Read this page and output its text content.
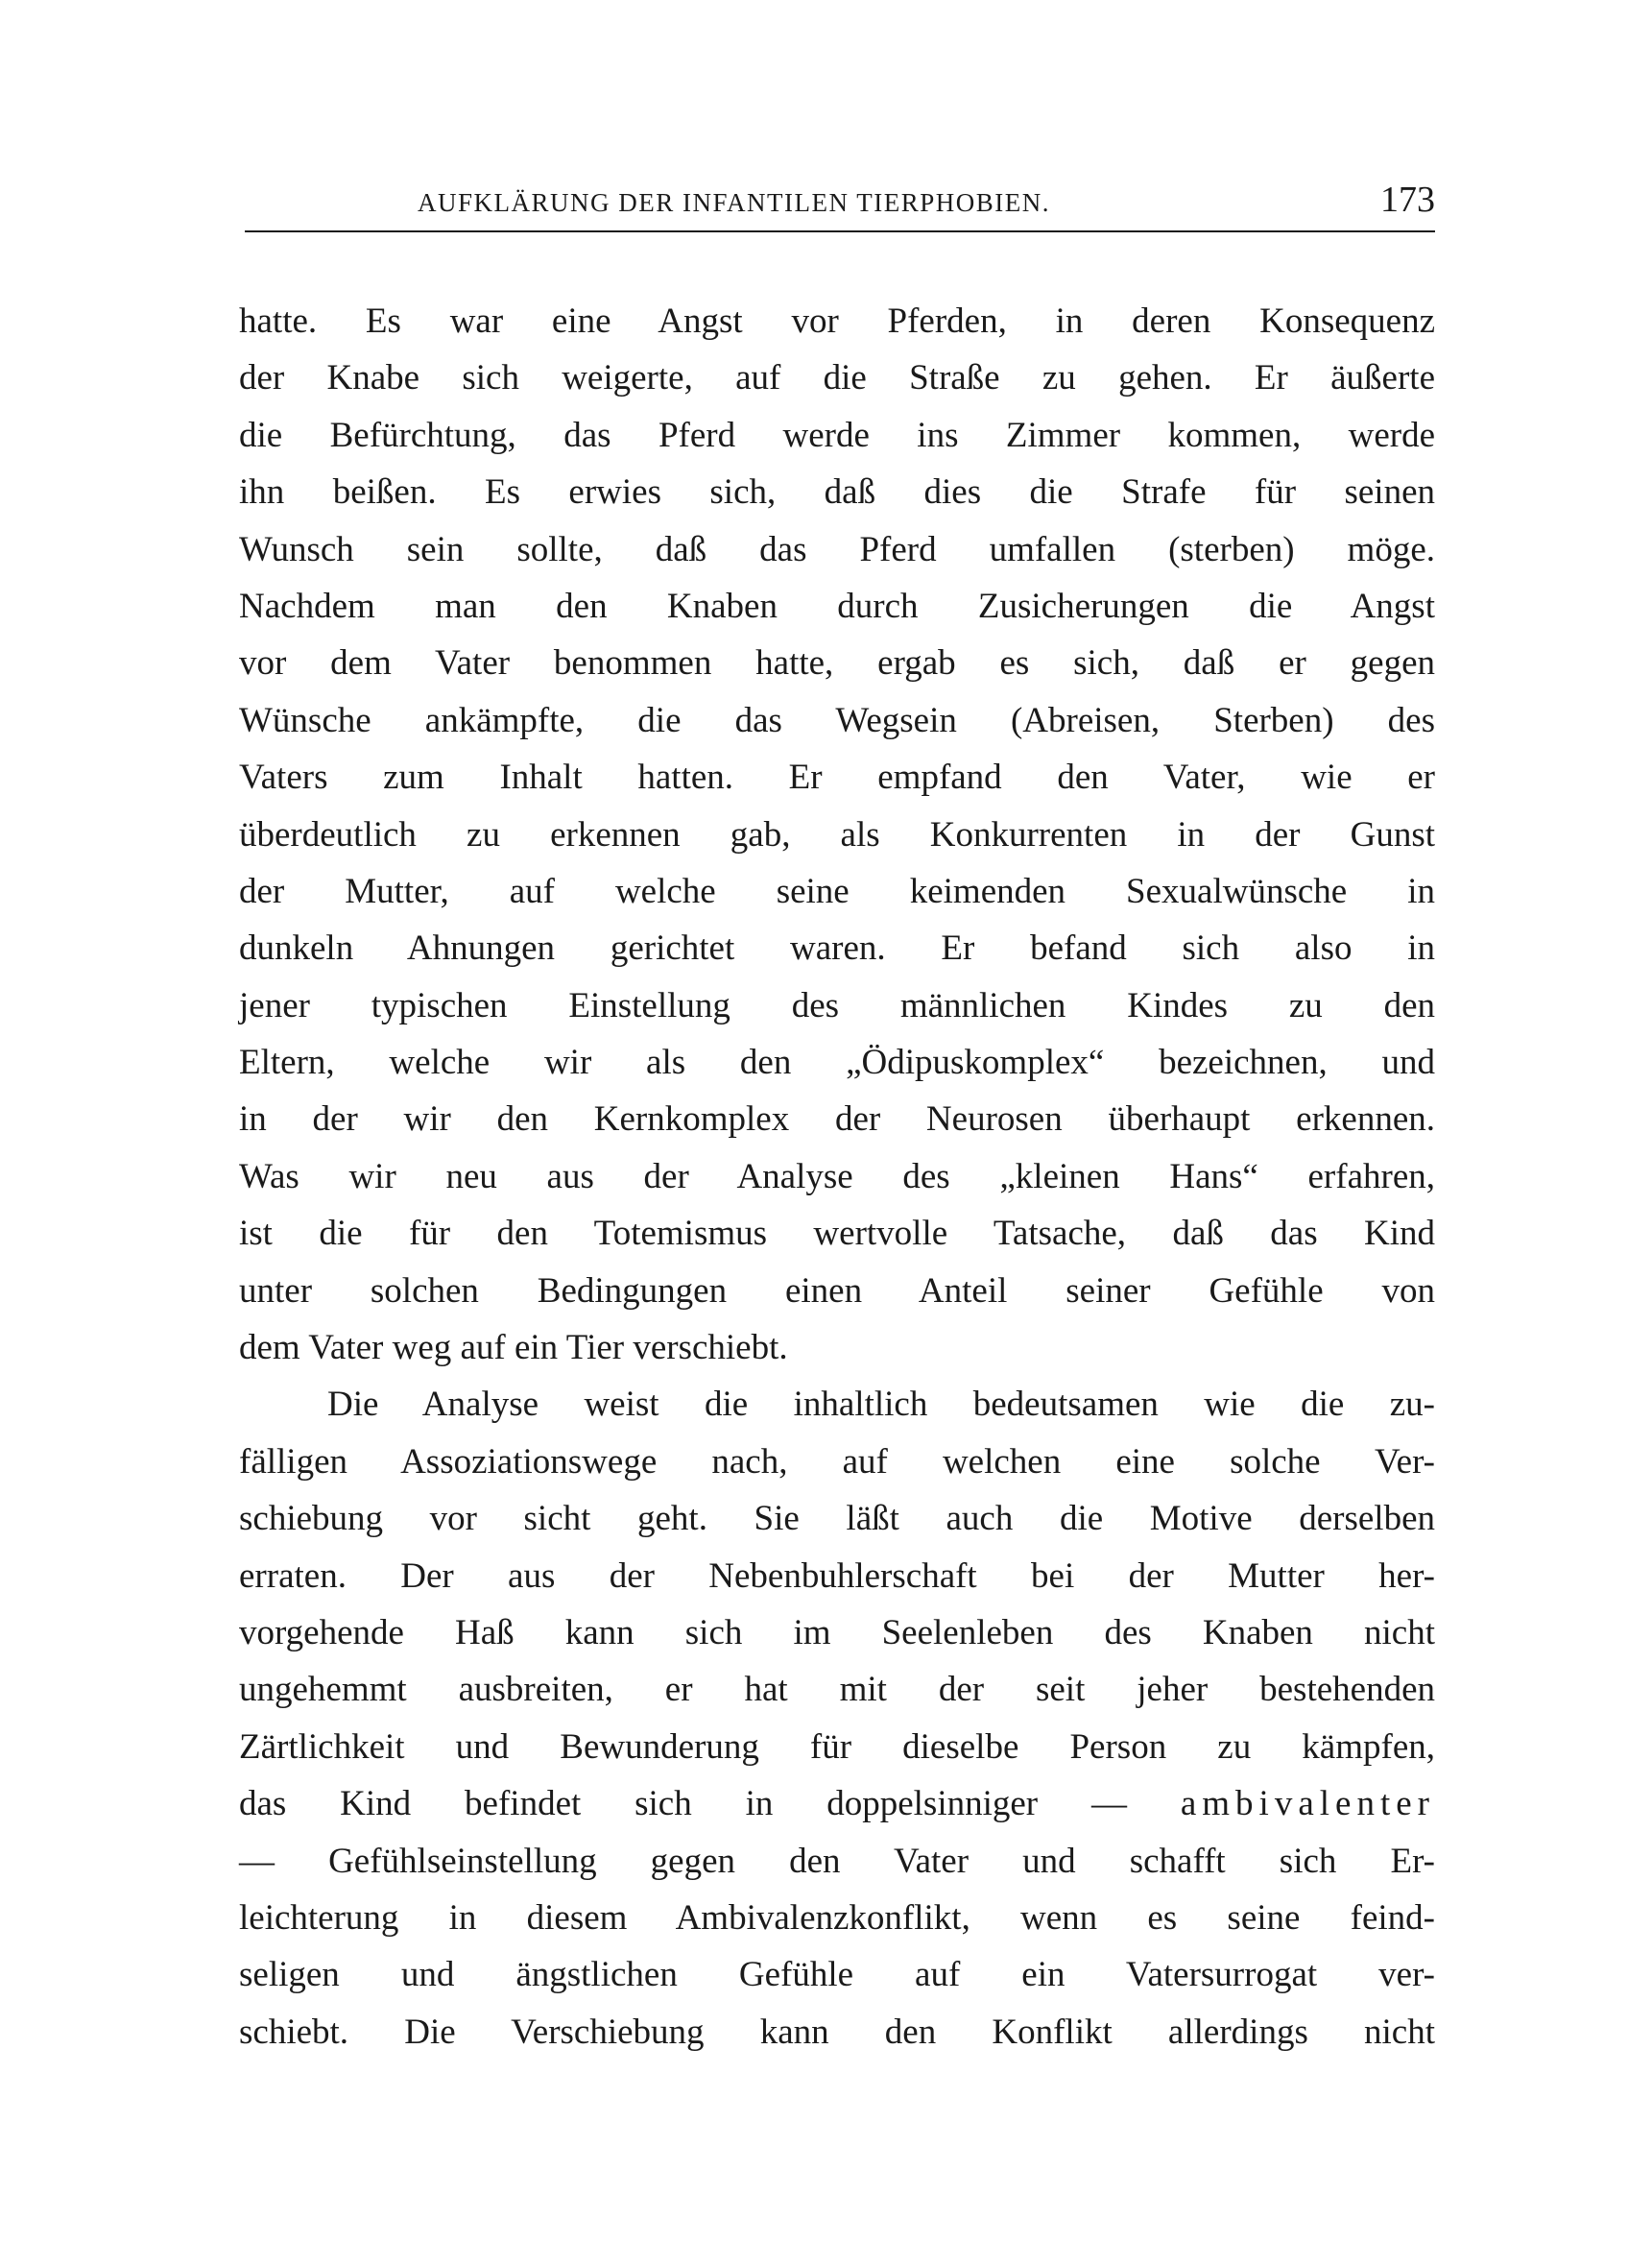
AUFKLÄRUNG DER INFANTILEN TIERPHOBIEN.	173
hatte. Es war eine Angst vor Pferden, in deren Konsequenz
der Knabe sich weigerte, auf die Straße zu gehen. Er äußerte
die Befürchtung, das Pferd werde ins Zimmer kommen, werde
ihn beißen. Es erwies sich, daß dies die Strafe für seinen
Wunsch sein sollte, daß das Pferd umfallen (sterben) möge.
Nachdem man den Knaben durch Zusicherungen die Angst
vor dem Vater benommen hatte, ergab es sich, daß er gegen
Wünsche ankämpfte, die das Wegsein (Abreisen, Sterben) des
Vaters zum Inhalt hatten. Er empfand den Vater, wie er
überdeutlich zu erkennen gab, als Konkurrenten in der Gunst
der Mutter, auf welche seine keimenden Sexualwünsche in
dunkeln Ahnungen gerichtet waren. Er befand sich also in
jener typischen Einstellung des männlichen Kindes zu den
Eltern, welche wir als den „Ödipuskomplex“ bezeichnen, und
in der wir den Kernkomplex der Neurosen überhaupt erkennen.
Was wir neu aus der Analyse des „kleinen Hans“ erfahren,
ist die für den Totemismus wertvolle Tatsache, daß das Kind
unter solchen Bedingungen einen Anteil seiner Gefühle von
dem Vater weg auf ein Tier verschiebt.
Die Analyse weist die inhaltlich bedeutsamen wie die zu-
fälligen Assoziationswege nach, auf welchen eine solche Ver-
schiebung vor sicht geht. Sie läßt auch die Motive derselben
erraten. Der aus der Nebenbuhlerschaft bei der Mutter her-
vorgehende Haß kann sich im Seelenleben des Knaben nicht
ungehemmt ausbreiten, er hat mit der seit jeher bestehenden
Zärtlichkeit und Bewunderung für dieselbe Person zu kämpfen,
das Kind befindet sich in doppelsinniger — ambivalenter
— Gefühlseinstellung gegen den Vater und schafft sich Er-
leichterung in diesem Ambivalenzkonflikt, wenn es seine feind-
seligen und ängstlichen Gefühle auf ein Vatersurrogat ver-
schiebt. Die Verschiebung kann den Konflikt allerdings nicht
